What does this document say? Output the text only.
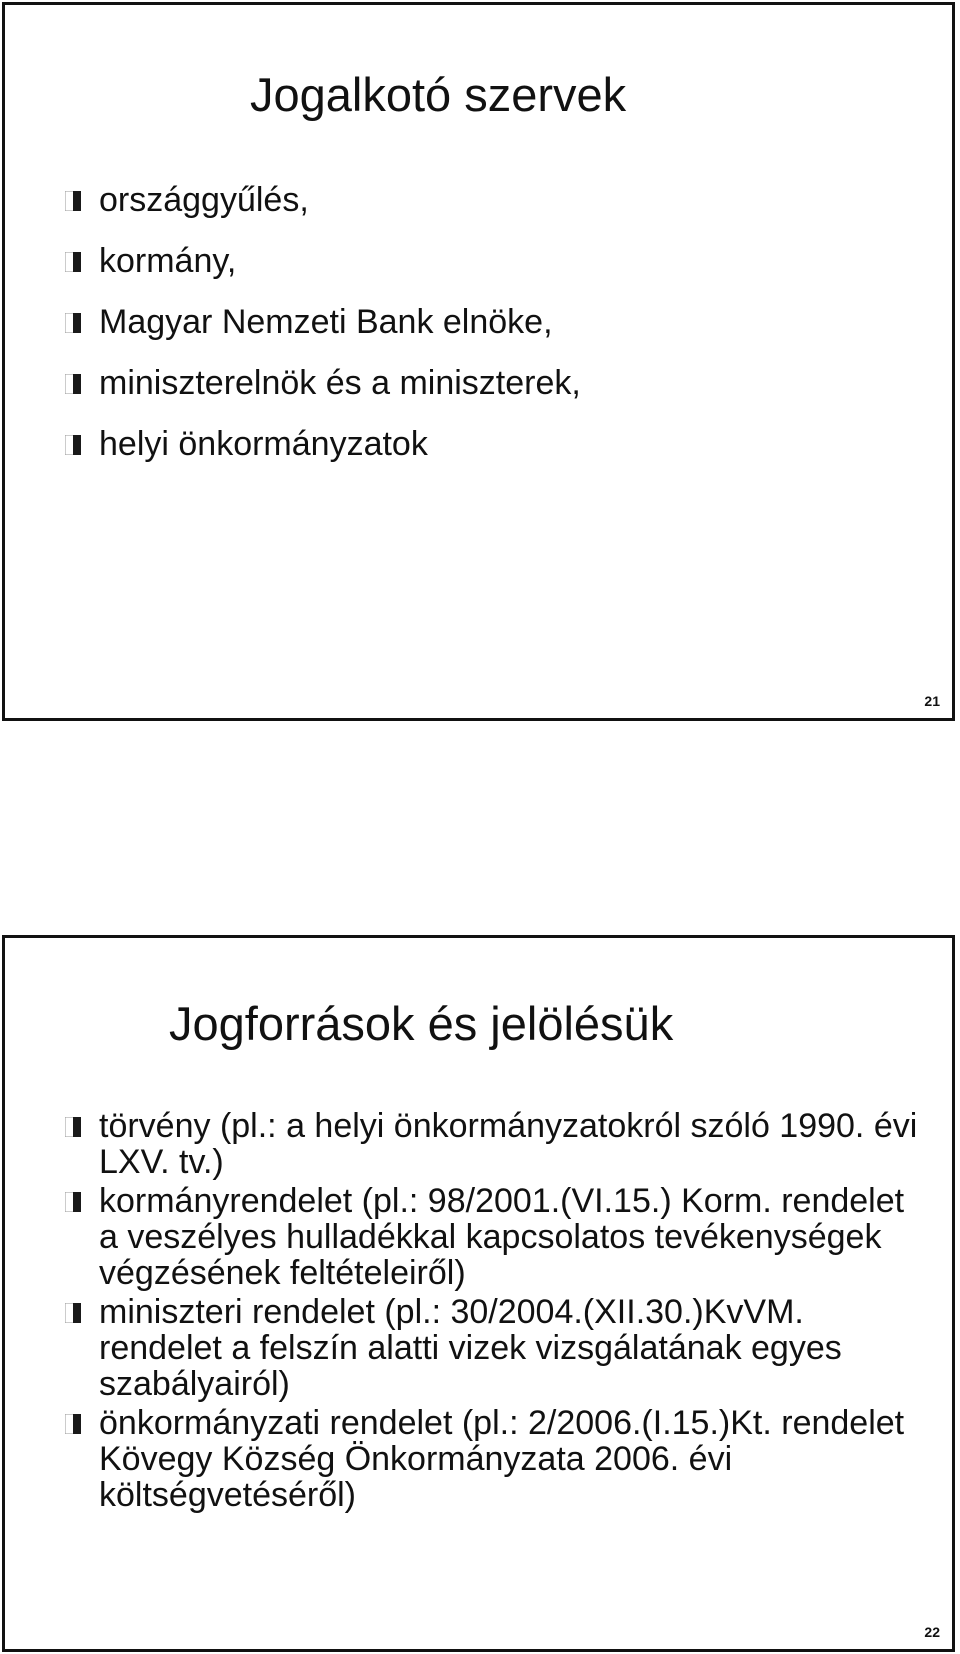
Jogalkotó szervek
országgyűlés,
kormány,
Magyar Nemzeti Bank elnöke,
miniszterelnök és a miniszterek,
helyi önkormányzatok
21
Jogforrások és jelölésük
törvény (pl.: a helyi önkormányzatokról szóló 1990. évi LXV. tv.)
kormányrendelet (pl.: 98/2001.(VI.15.) Korm. rendelet a veszélyes hulladékkal kapcsolatos tevékenységek végzésének feltételeiről)
miniszteri rendelet (pl.: 30/2004.(XII.30.)KvVM. rendelet a felszín alatti vizek vizsgálatának egyes szabályairól)
önkormányzati rendelet (pl.: 2/2006.(I.15.)Kt. rendelet Kövegy Község Önkormányzata 2006. évi költségvetéséről)
22
